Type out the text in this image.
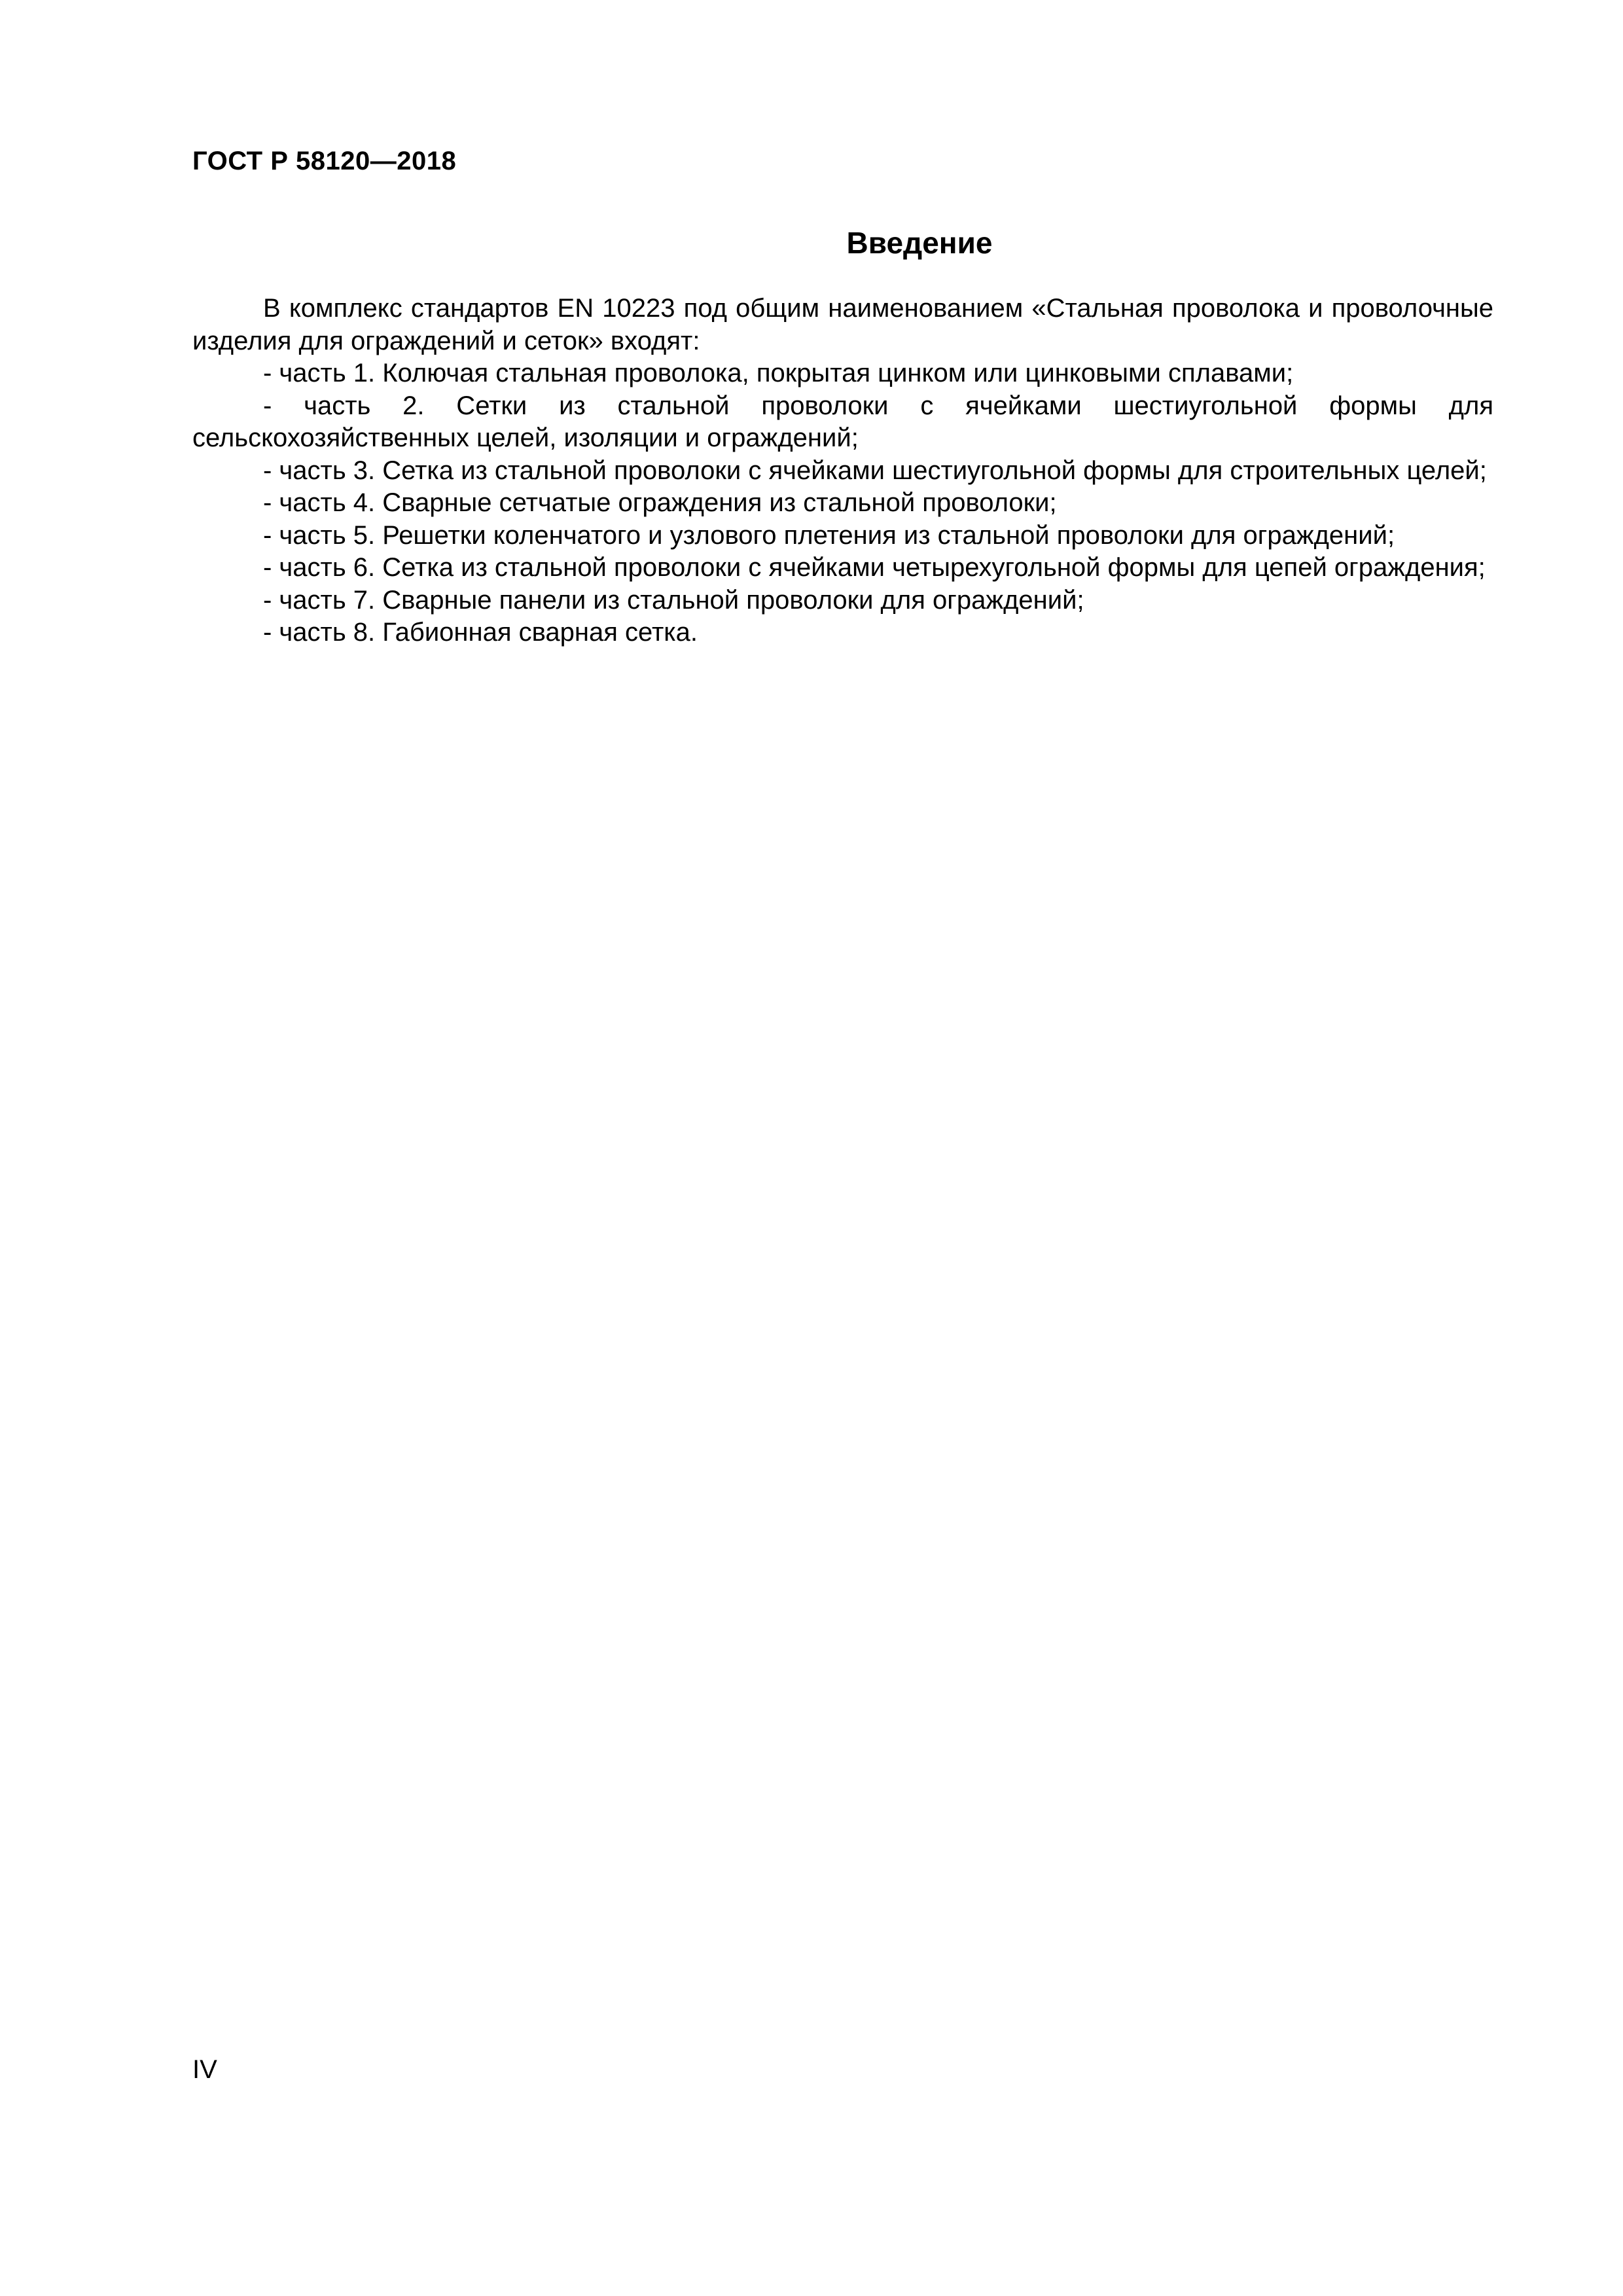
ГОСТ Р 58120—2018
Введение

В комплекс стандартов EN 10223 под общим наименованием «Стальная проволока и проволочные изделия для ограждений и сеток» входят:

- часть 1. Колючая стальная проволока, покрытая цинком или цинковыми сплавами;

- часть 2. Сетки из стальной проволоки с ячейками шестиугольной формы для сельскохозяйственных целей, изоляции и ограждений;

- часть 3. Сетка из стальной проволоки с ячейками шестиугольной формы для строительных целей;

- часть 4. Сварные сетчатые ограждения из стальной проволоки;

- часть 5. Решетки коленчатого и узлового плетения из стальной проволоки для ограждений;

- часть 6. Сетка из стальной проволоки с ячейками четырехугольной формы для цепей ограждения;

- часть 7. Сварные панели из стальной проволоки для ограждений;

- часть 8. Габионная сварная сетка.

IV
